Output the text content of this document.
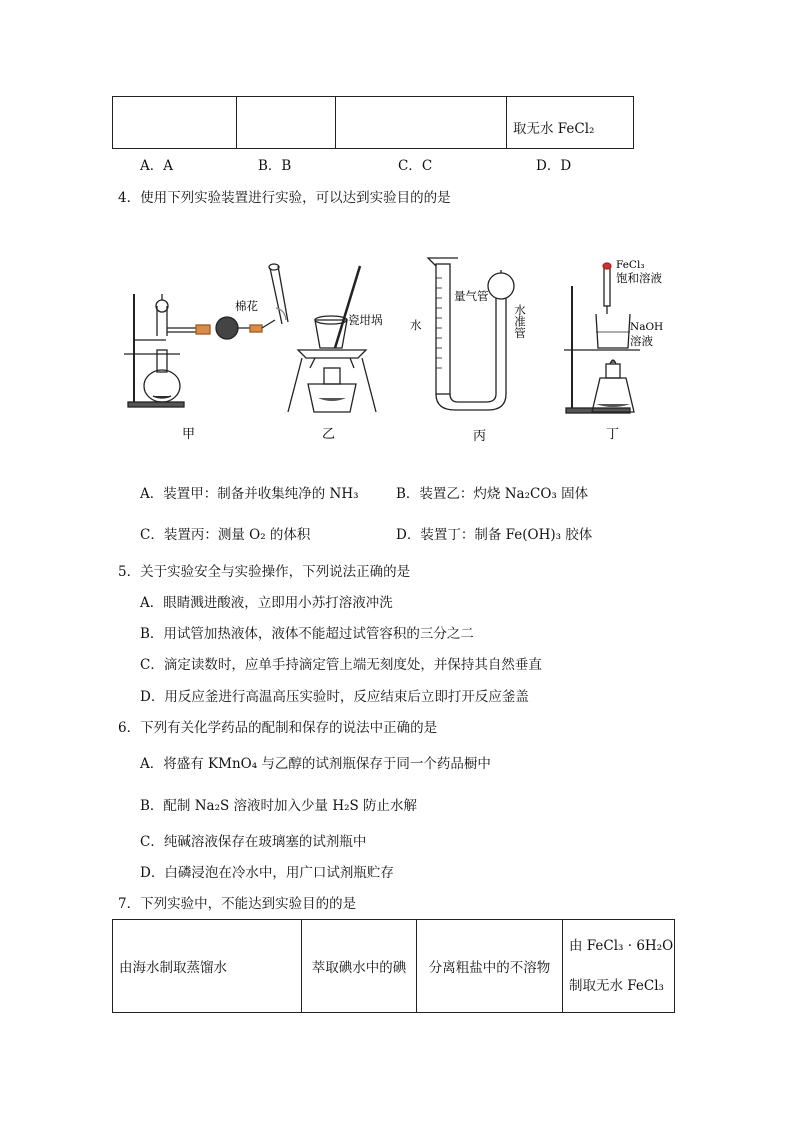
			取无水 FeCl₂
A．A	B．B	C．C	D．D
4．使用下列实验装置进行实验，可以达到实验目的的是
甲	乙	丙	丁
棉花
瓷坩埚 水
量气管
水准管
FeCl₃
饱和溶液
NaOH
溶液
A．装置甲：制备并收集纯净的 NH₃	B．装置乙：灼烧 Na₂CO₃ 固体
C．装置丙：测量 O₂ 的体积	D．装置丁：制备 Fe(OH)₃ 胶体
5．关于实验安全与实验操作，下列说法正确的是
A．眼睛溅进酸液，立即用小苏打溶液冲洗
B．用试管加热液体，液体不能超过试管容积的三分之二
C．滴定读数时，应单手持滴定管上端无刻度处，并保持其自然垂直
D．用反应釜进行高温高压实验时，反应结束后立即打开反应釜盖
6．下列有关化学药品的配制和保存的说法中正确的是
A．将盛有 KMnO₄ 与乙醇的试剂瓶保存于同一个药品橱中
B．配制 Na₂S 溶液时加入少量 H₂S 防止水解
C．纯碱溶液保存在玻璃塞的试剂瓶中
D．白磷浸泡在冷水中，用广口试剂瓶贮存
7．下列实验中，不能达到实验目的的是
由海水制取蒸馏水	萃取碘水中的碘	分离粗盐中的不溶物	
由 FeCl₃ · 6H₂O
制取无水 FeCl₃
